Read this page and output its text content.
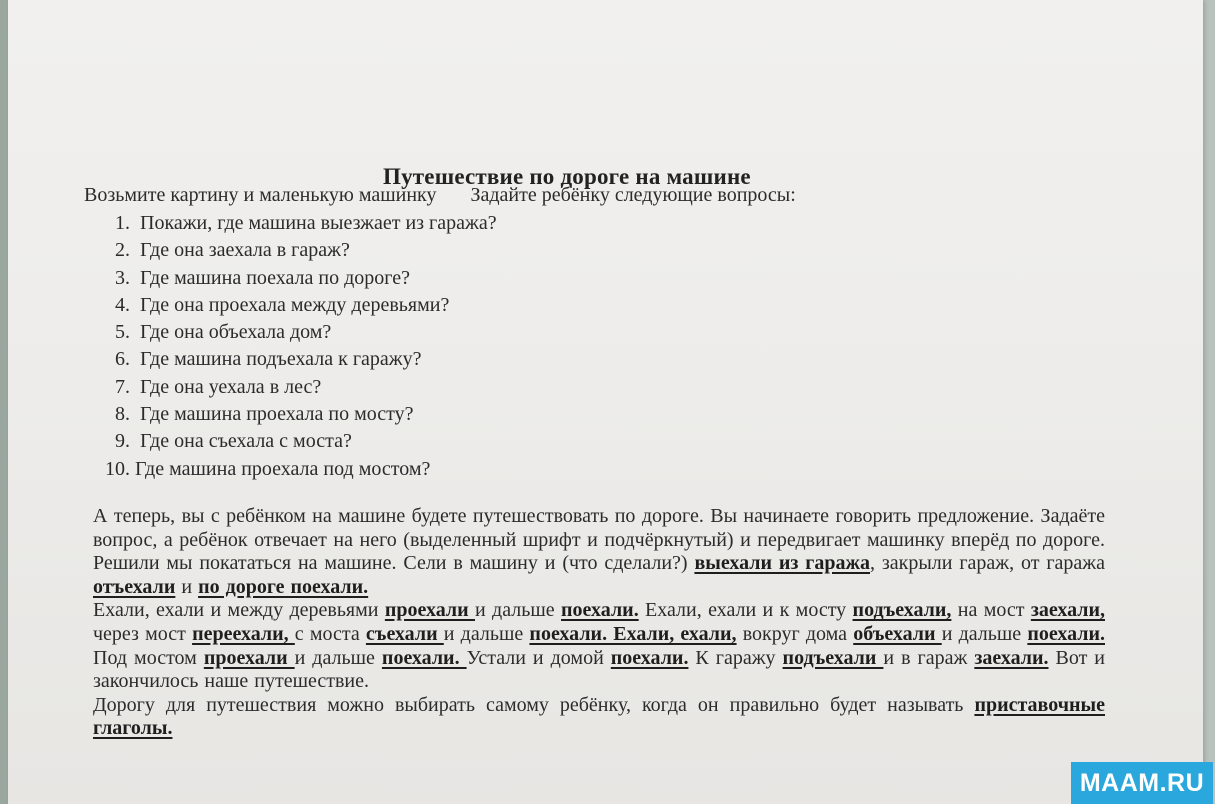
Путешествие по дороге на машине
Возьмите картину и маленькую машинку Задайте ребёнку следующие вопросы:
1. Покажи, где машина выезжает из гаража?
2. Где она заехала в гараж?
3. Где машина поехала по дороге?
4. Где она проехала между деревьями?
5. Где она объехала дом?
6. Где машина подъехала к гаражу?
7. Где она уехала в лес?
8. Где машина проехала по мосту?
9. Где она съехала с моста?
10. Где машина проехала под мостом?

А теперь, вы с ребёнком на машине будете путешествовать по дороге. Вы начинаете говорить предложение. Задаёте вопрос, а ребёнок отвечает на него (выделенный шрифт и подчёркнутый) и передвигает машинку вперёд по дороге. Решили мы покататься на машине. Сели в машину и (что сделали?) выехали из гаража, закрыли гараж, от гаража отъехали и по дороге поехали.

Ехали, ехали и между деревьями проехали и дальше поехали. Ехали, ехали и к мосту подъехали, на мост заехали, через мост переехали, с моста съехали и дальше поехали. Ехали, ехали, вокруг дома объехали и дальше поехали. Под мостом проехали и дальше поехали. Устали и домой поехали. К гаражу подъехали и в гараж заехали. Вот и закончилось наше путешествие.

Дорогу для путешествия можно выбирать самому ребёнку, когда он правильно будет называть приставочные глаголы.

MAAM.RU
